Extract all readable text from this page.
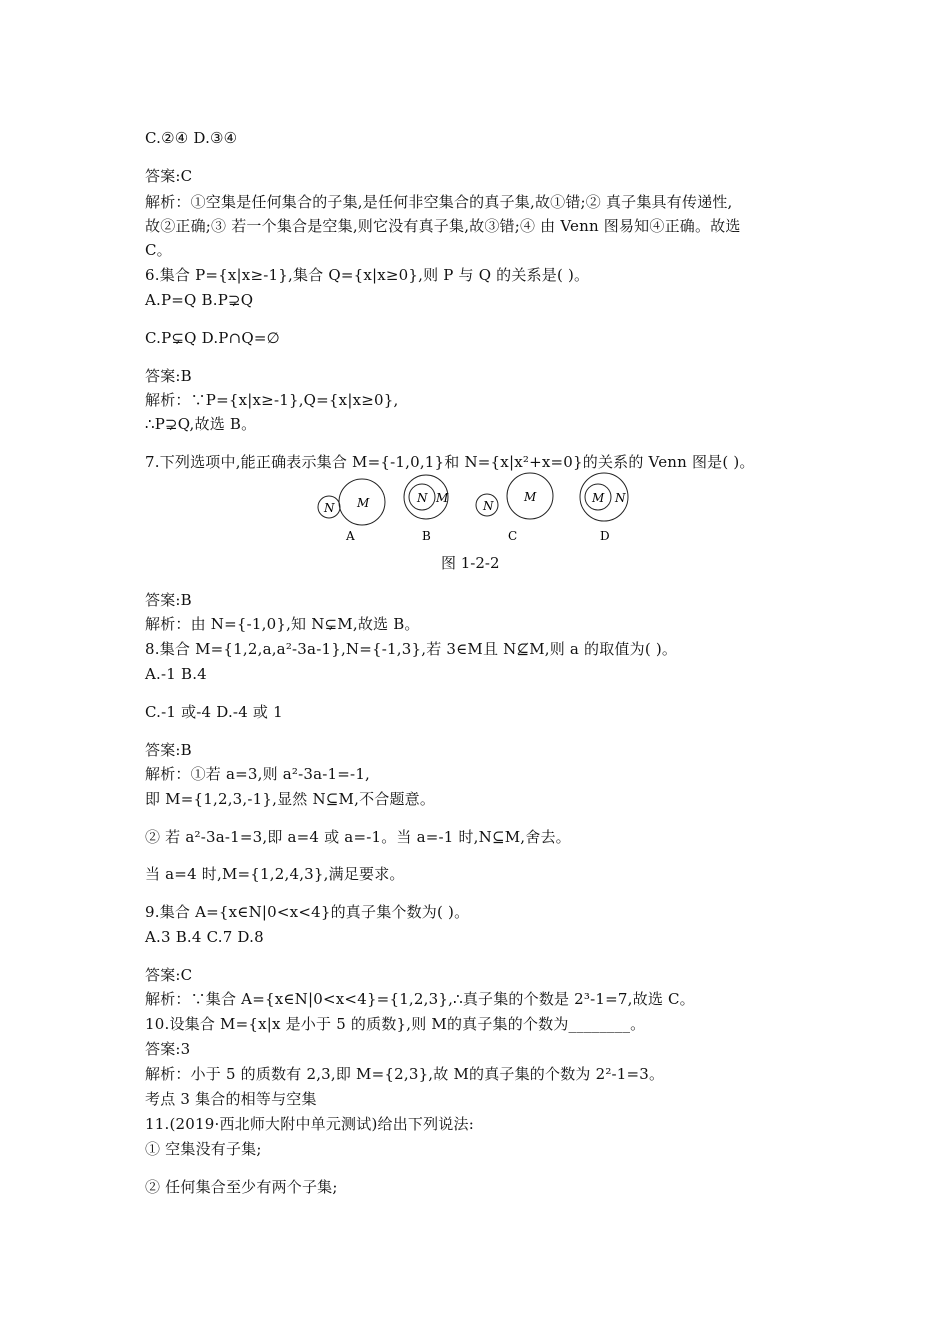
C.②④ D.③④
答案:C
解析：①空集是任何集合的子集,是任何非空集合的真子集,故①错;② 真子集具有传递性,
故②正确;③ 若一个集合是空集,则它没有真子集,故③错;④ 由 Venn 图易知④正确。故选
C。
6.集合 P={x|x≥-1},集合 Q={x|x≥0},则 P 与 Q 的关系是( )。
A.P=Q B.P⊋Q
C.P⊊Q D.P∩Q=∅
答案:B
解析：∵P={x|x≥-1},Q={x|x≥0},
∴P⊋Q,故选 B。
7.下列选项中,能正确表示集合 M={-1,0,1}和 N={x|x²+x=0}的关系的 Venn 图是( )。
N M
A
N M
B
N
M
C
M N
D
图 1-2-2
答案:B
解析：由 N={-1,0},知 N⊊M,故选 B。
8.集合 M={1,2,a,a²-3a-1},N={-1,3},若 3∈M且 N⊈M,则 a 的取值为( )。
A.-1 B.4
C.-1 或-4 D.-4 或 1
答案:B
解析：①若 a=3,则 a²-3a-1=-1,
即 M={1,2,3,-1},显然 N⊆M,不合题意。
② 若 a²-3a-1=3,即 a=4 或 a=-1。当 a=-1 时,N⊆M,舍去。
当 a=4 时,M={1,2,4,3},满足要求。
9.集合 A={x∈N|0<x<4}的真子集个数为( )。
A.3 B.4 C.7 D.8
答案:C
解析：∵集合 A={x∈N|0<x<4}={1,2,3},∴真子集的个数是 2³-1=7,故选 C。
10.设集合 M={x|x 是小于 5 的质数},则 M的真子集的个数为________。
答案:3
解析：小于 5 的质数有 2,3,即 M={2,3},故 M的真子集的个数为 2²-1=3。
考点 3 集合的相等与空集
11.(2019·西北师大附中单元测试)给出下列说法:
① 空集没有子集;
② 任何集合至少有两个子集;
